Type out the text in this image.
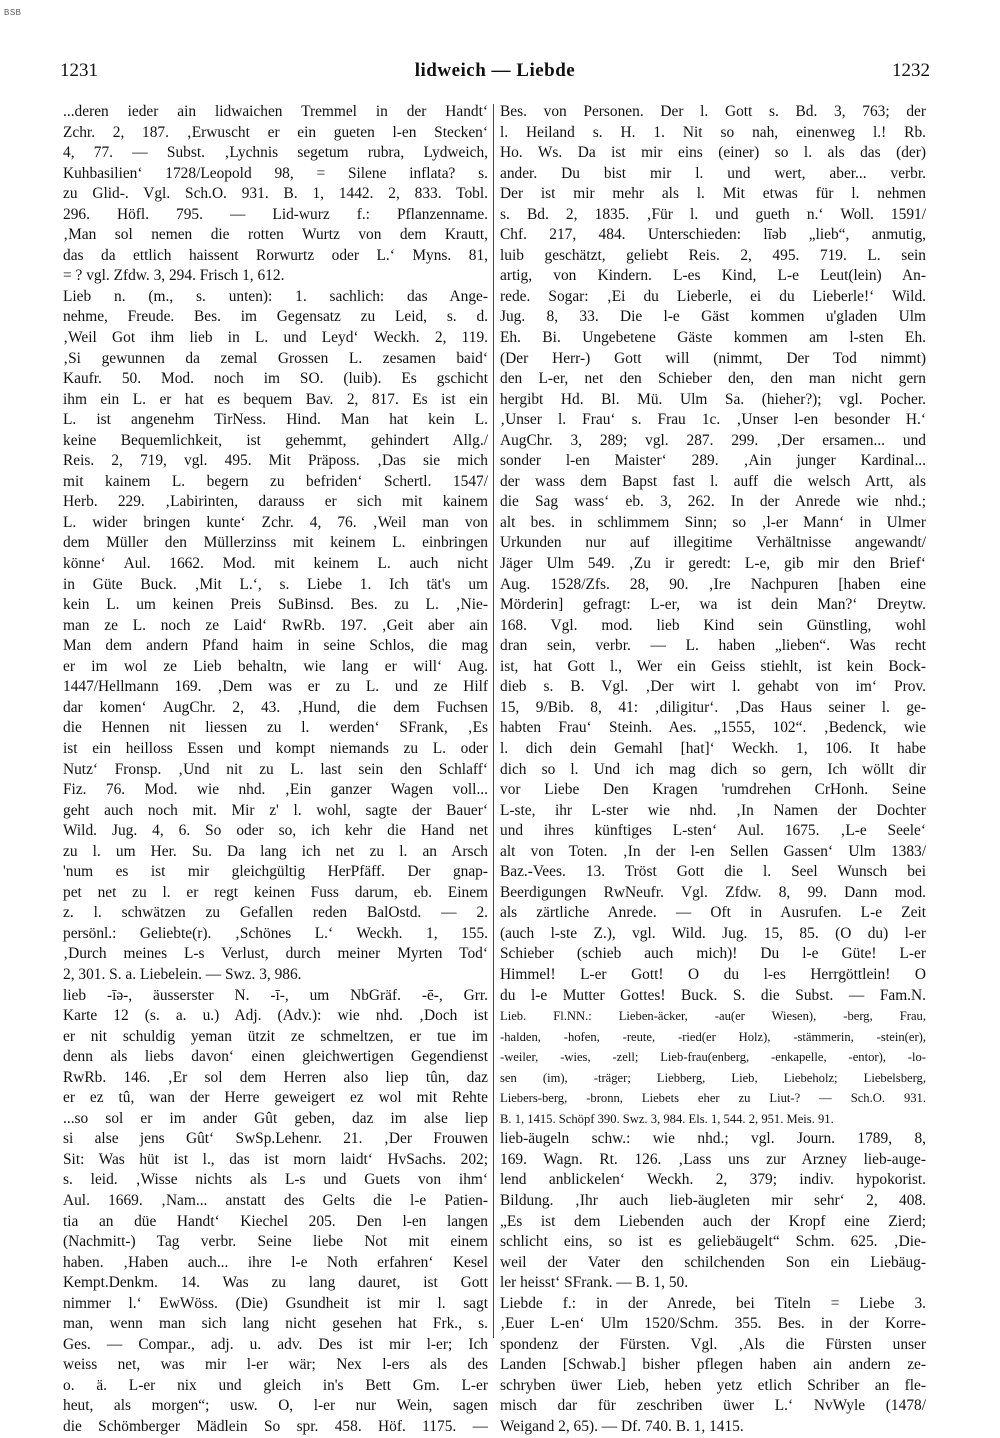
BSB
1231	lidweich — Liebde	1232
...deren ieder ain lidwaichen Tremmel in der Handt‘
Zchr. 2, 187. ‚Erwuscht er ein gueten l-en Stecken‘
4, 77. — Subst. ‚Lychnis segetum rubra, Lydweich,
Kuhbasilien‘ 1728/Leopold 98, = Silene inflata? s.
zu Glid-. Vgl. Sch.O. 931. B. 1, 1442. 2, 833. Tobl.
296. Höfl. 795. — Lid-wurz f.: Pflanzenname.
‚Man sol nemen die rotten Wurtz von dem Krautt,
das da ettlich haissent Rorwurtz oder L.‘ Myns. 81,
= ? vgl. Zfdw. 3, 294. Frisch 1, 612.
Lieb n. (m., s. unten): 1. sachlich: das Ange-
nehme, Freude. Bes. im Gegensatz zu Leid, s. d.
‚Weil Got ihm lieb in L. und Leyd‘ Weckh. 2, 119.
‚Si gewunnen da zemal Grossen L. zesamen baid‘
Kaufr. 50. Mod. noch im SO. (luib). Es gschicht
ihm ein L. er hat es bequem Bav. 2, 817. Es ist ein
L. ist angenehm TirNess. Hind. Man hat kein L.
keine Bequemlichkeit, ist gehemmt, gehindert Allg./
Reis. 2, 719, vgl. 495. Mit Präposs. ‚Das sie mich
mit kainem L. begern zu befriden‘ Schertl. 1547/
Herb. 229. ‚Labirinten, darauss er sich mit kainem
L. wider bringen kunte‘ Zchr. 4, 76. ‚Weil man von
dem Müller den Müllerzinss mit keinem L. einbringen
könne‘ Aul. 1662. Mod. mit keinem L. auch nicht
in Güte Buck. ‚Mit L.‘, s. Liebe 1. Ich tät's um
kein L. um keinen Preis SuBinsd. Bes. zu L. ‚Nie-
man ze L. noch ze Laid‘ RwRb. 197. ‚Geit aber ain
Man dem andern Pfand haim in seine Schlos, die mag
er im wol ze Lieb behaltn, wie lang er will‘ Aug.
1447/Hellmann 169. ‚Dem was er zu L. und ze Hilf
dar komen‘ AugChr. 2, 43. ‚Hund, die dem Fuchsen
die Hennen nit liessen zu l. werden‘ SFrank, ‚Es
ist ein heilloss Essen und kompt niemands zu L. oder
Nutz‘ Fronsp. ‚Und nit zu L. last sein den Schlaff‘
Fiz. 76. Mod. wie nhd. ‚Ein ganzer Wagen voll...
geht auch noch mit. Mir z' l. wohl, sagte der Bauer‘
Wild. Jug. 4, 6. So oder so, ich kehr die Hand net
zu l. um Her. Su. Da lang ich net zu l. an Arsch
'num es ist mir gleichgültig HerPfäff. Der gnap-
pet net zu l. er regt keinen Fuss darum, eb. Einem
z. l. schwätzen zu Gefallen reden BalOstd. — 2.
persönl.: Geliebte(r). ‚Schönes L.‘ Weckh. 1, 155.
‚Durch meines L-s Verlust, durch meiner Myrten Tod‘
2, 301. S. a. Liebelein. — Swz. 3, 986.
lieb -īə-, äusserster N. -ī-, um NbGräf. -ē-, Grr.
Karte 12 (s. a. u.) Adj. (Adv.): wie nhd. ‚Doch ist
er nit schuldig yeman ützit ze schmeltzen, er tue im
denn als liebs davon‘ einen gleichwertigen Gegendienst
RwRb. 146. ‚Er sol dem Herren also liep tûn, daz
er ez tû, wan der Herre geweigert ez wol mit Rehte
...so sol er im ander Gût geben, daz im alse liep
si alse jens Gût‘ SwSp.Lehenr. 21. ‚Der Frouwen
Sit: Was hüt ist l., das ist morn laidt‘ HvSachs. 202;
s. leid. ‚Wisse nichts als L-s und Guets von ihm‘
Aul. 1669. ‚Nam... anstatt des Gelts die l-e Patien-
tia an düe Handt‘ Kiechel 205. Den l-en langen
(Nachmitt-) Tag verbr. Seine liebe Not mit einem
haben. ‚Haben auch... ihre l-e Noth erfahren‘ Kesel
Kempt.Denkm. 14. Was zu lang dauret, ist Gott
nimmer l.‘ EwWöss. (Die) Gsundheit ist mir l. sagt
man, wenn man sich lang nicht gesehen hat Frk., s.
Ges. — Compar., adj. u. adv. Des ist mir l-er; Ich
weiss net, was mir l-er wär; Nex l-ers als des
o. ä. L-er nix und gleich in's Bett Gm. L-er
heut, als morgen“; usw. O, l-er nur Wein, sagen
die Schömberger Mädlein So spr. 458. Höf. 1175. —
Bes. von Personen. Der l. Gott s. Bd. 3, 763; der
l. Heiland s. H. 1. Nit so nah, einenweg l.! Rb.
Ho. Ws. Da ist mir eins (einer) so l. als das (der)
ander. Du bist mir l. und wert, aber... verbr.
Der ist mir mehr als l. Mit etwas für l. nehmen
s. Bd. 2, 1835. ‚Für l. und gueth n.‘ Woll. 1591/
Chf. 217, 484. Unterschieden: līəb „lieb“, anmutig,
luib geschätzt, geliebt Reis. 2, 495. 719. L. sein
artig, von Kindern. L-es Kind, L-e Leut(lein) An-
rede. Sogar: ‚Ei du Lieberle, ei du Lieberle!‘ Wild.
Jug. 8, 33. Die l-e Gäst kommen u'gladen Ulm
Eh. Bi. Ungebetene Gäste kommen am l-sten Eh.
(Der Herr-) Gott will (nimmt, Der Tod nimmt)
den L-er, net den Schieber den, den man nicht gern
hergibt Hd. Bl. Mü. Ulm Sa. (hieher?); vgl. Pocher.
‚Unser l. Frau‘ s. Frau 1c. ‚Unser l-en besonder H.‘
AugChr. 3, 289; vgl. 287. 299. ‚Der ersamen... und
sonder l-en Maister‘ 289. ‚Ain junger Kardinal...
der wass dem Bapst fast l. auff die welsch Artt, als
die Sag wass‘ eb. 3, 262. In der Anrede wie nhd.;
alt bes. in schlimmem Sinn; so ‚l-er Mann‘ in Ulmer
Urkunden nur auf illegitime Verhältnisse angewandt/
Jäger Ulm 549. ‚Zu ir geredt: L-e, gib mir den Brief‘
Aug. 1528/Zfs. 28, 90. ‚Ire Nachpuren [haben eine
Mörderin] gefragt: L-er, wa ist dein Man?‘ Dreytw.
168. Vgl. mod. lieb Kind sein Günstling, wohl
dran sein, verbr. — L. haben „lieben“. Was recht
ist, hat Gott l., Wer ein Geiss stiehlt, ist kein Bock-
dieb s. B. Vgl. ‚Der wirt l. gehabt von im‘ Prov.
15, 9/Bib. 8, 41: ‚diligitur‘. ‚Das Haus seiner l. ge-
habten Frau‘ Steinh. Aes. „1555, 102“. ‚Bedenck, wie
l. dich dein Gemahl [hat]‘ Weckh. 1, 106. It habe
dich so l. Und ich mag dich so gern, Ich wöllt dir
vor Liebe Den Kragen 'rumdrehen CrHonh. Seine
L-ste, ihr L-ster wie nhd. ‚In Namen der Dochter
und ihres künftiges L-sten‘ Aul. 1675. ‚L-e Seele‘
alt von Toten. ‚In der l-en Sellen Gassen‘ Ulm 1383/
Baz.-Vees. 13. Tröst Gott die l. Seel Wunsch bei
Beerdigungen RwNeufr. Vgl. Zfdw. 8, 99. Dann mod.
als zärtliche Anrede. — Oft in Ausrufen. L-e Zeit
(auch l-ste Z.), vgl. Wild. Jug. 15, 85. (O du) l-er
Schieber (schieb auch mich)! Du l-e Güte! L-er
Himmel! L-er Gott! O du l-es Herrgöttlein! O
du l-e Mutter Gottes! Buck. S. die Subst. — Fam.N.
Lieb. Fl.NN.: Lieben-äcker, -au(er Wiesen), -berg, Frau,
-halden, -hofen, -reute, -ried(er Holz), -stämmerin, -stein(er),
-weiler, -wies, -zell; Lieb-frau(enberg, -enkapelle, -entor), -lo-
sen (im), -träger; Liebberg, Lieb, Liebeholz; Liebelsberg,
Liebers-berg, -bronn, Liebets eher zu Liut-? — Sch.O. 931.
B. 1, 1415. Schöpf 390. Swz. 3, 984. Els. 1, 544. 2, 951. Meis. 91.
lieb-äugeln schw.: wie nhd.; vgl. Journ. 1789, 8,
169. Wagn. Rt. 126. ‚Lass uns zur Arzney lieb-auge-
lend anblickelen‘ Weckh. 2, 379; indiv. hypokorist.
Bildung. ‚Ihr auch lieb-äugleten mir sehr‘ 2, 408.
„Es ist dem Liebenden auch der Kropf eine Zierd;
schlicht eins, so ist es geliebäugelt“ Schm. 625. ‚Die-
weil der Vater den schilchenden Son ein Liebäug-
ler heisst‘ SFrank. — B. 1, 50.
Liebde f.: in der Anrede, bei Titeln = Liebe 3.
‚Euer L-en‘ Ulm 1520/Schm. 355. Bes. in der Korre-
spondenz der Fürsten. Vgl. ‚Als die Fürsten unser
Landen [Schwab.] bisher pflegen haben ain andern ze-
schryben üwer Lieb, heben yetz etlich Schriber an fle-
misch dar für zeschriben üwer L.‘ NvWyle (1478/
Weigand 2, 65). — Df. 740. B. 1, 1415.
